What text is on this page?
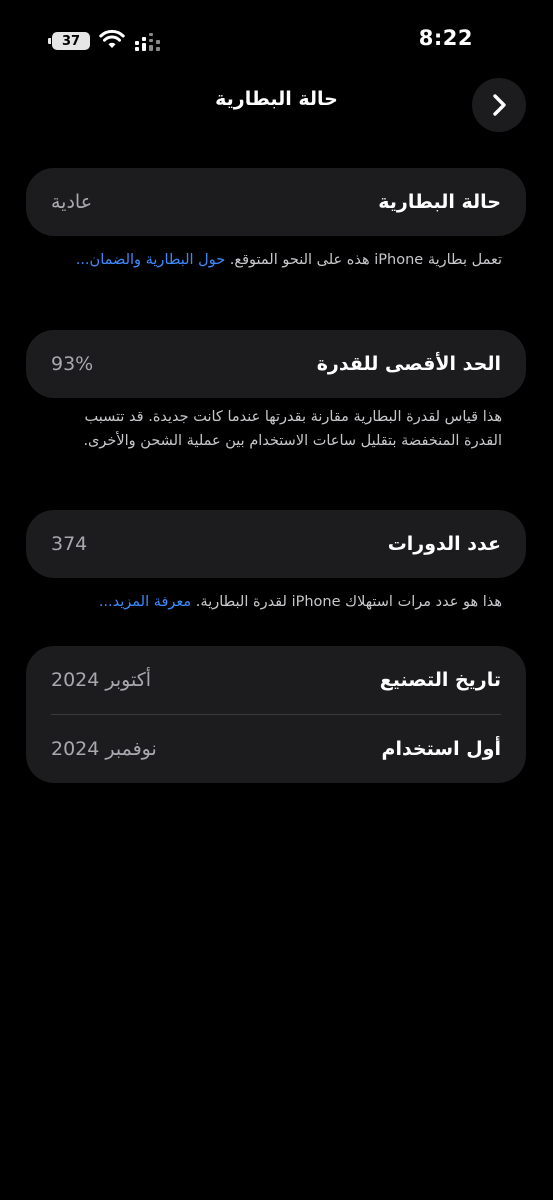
37	8:22
حالة البطارية
حالة البطارية
عادية
تعمل بطارية iPhone هذه على النحو المتوقع. حول البطارية والضمان...
الحد الأقصى للقدرة
93%
هذا قياس لقدرة البطارية مقارنة بقدرتها عندما كانت جديدة. قد تتسبب القدرة المنخفضة بتقليل ساعات الاستخدام بين عملية الشحن والأخرى.
عدد الدورات
374
هذا هو عدد مرات استهلاك iPhone لقدرة البطارية. معرفة المزيد...
تاريخ التصنيع
أكتوبر 2024
أول استخدام
نوفمبر 2024
